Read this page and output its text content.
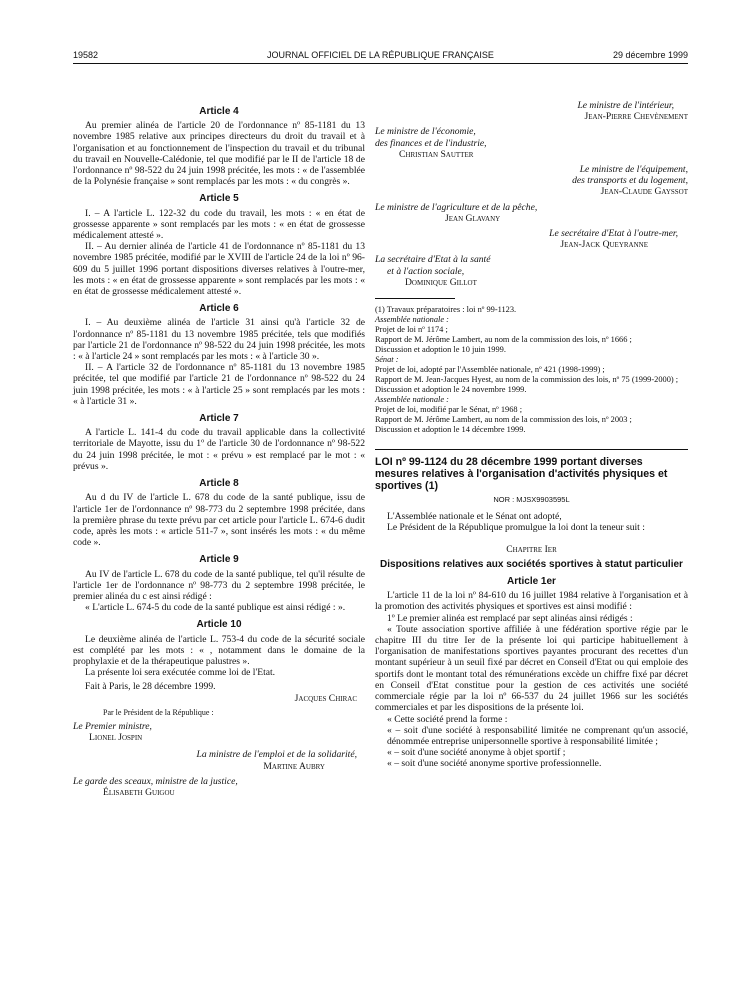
19582	JOURNAL OFFICIEL DE LA RÉPUBLIQUE FRANÇAISE	29 décembre 1999
Article 4

Au premier alinéa de l'article 20 de l'ordonnance nº 85-1181 du 13 novembre 1985 relative aux principes directeurs du droit du travail et à l'organisation et au fonctionnement de l'inspection du travail et du tribunal du travail en Nouvelle-Calédonie, tel que modifié par le II de l'article 18 de l'ordonnance nº 98-522 du 24 juin 1998 précitée, les mots : « de l'assemblée de la Polynésie française » sont remplacés par les mots : « du congrès ».

Article 5

I. – A l'article L. 122-32 du code du travail, les mots : « en état de grossesse apparente » sont remplacés par les mots : « en état de grossesse médicalement attesté ».

II. – Au dernier alinéa de l'article 41 de l'ordonnance nº 85-1181 du 13 novembre 1985 précitée, modifié par le XVIII de l'article 24 de la loi nº 96-609 du 5 juillet 1996 portant dispositions diverses relatives à l'outre-mer, les mots : « en état de grossesse apparente » sont remplacés par les mots : « en état de grossesse médicalement attesté ».

Article 6

I. – Au deuxième alinéa de l'article 31 ainsi qu'à l'article 32 de l'ordonnance nº 85-1181 du 13 novembre 1985 précitée, tels que modifiés par l'article 21 de l'ordonnance nº 98-522 du 24 juin 1998 précitée, les mots : « à l'article 24 » sont remplacés par les mots : « à l'article 30 ».

II. – A l'article 32 de l'ordonnance nº 85-1181 du 13 novembre 1985 précitée, tel que modifié par l'article 21 de l'ordonnance nº 98-522 du 24 juin 1998 précitée, les mots : « à l'article 25 » sont remplacés par les mots : « à l'article 31 ».

Article 7

A l'article L. 141-4 du code du travail applicable dans la collectivité territoriale de Mayotte, issu du 1º de l'article 30 de l'ordonnance nº 98-522 du 24 juin 1998 précitée, le mot : « prévu » est remplacé par le mot : « prévus ».

Article 8

Au d du IV de l'article L. 678 du code de la santé publique, issu de l'article 1er de l'ordonnance nº 98-773 du 2 septembre 1998 précitée, dans la première phrase du texte prévu par cet article pour l'article L. 674-6 dudit code, après les mots : « article 511-7 », sont insérés les mots : « du même code ».

Article 9

Au IV de l'article L. 678 du code de la santé publique, tel qu'il résulte de l'article 1er de l'ordonnance nº 98-773 du 2 septembre 1998 précitée, le premier alinéa du c est ainsi rédigé :

« L'article L. 674-5 du code de la santé publique est ainsi rédigé : ».

Article 10

Le deuxième alinéa de l'article L. 753-4 du code de la sécurité sociale est complété par les mots : « , notamment dans le domaine de la prophylaxie et de la thérapeutique palustres ».

La présente loi sera exécutée comme loi de l'Etat.

Fait à Paris, le 28 décembre 1999.

Jacques Chirac

Par le Président de la République :

Le Premier ministre,

Lionel Jospin

La ministre de l'emploi et de la solidarité,

Martine Aubry

Le garde des sceaux, ministre de la justice,

Élisabeth Guigou

Le ministre de l'intérieur,

Jean-Pierre Chevènement

Le ministre de l'économie,

des finances et de l'industrie,

Christian Sautter

Le ministre de l'équipement,

des transports et du logement,

Jean-Claude Gayssot

Le ministre de l'agriculture et de la pêche,

Jean Glavany

Le secrétaire d'Etat à l'outre-mer,

Jean-Jack Queyranne

La secrétaire d'Etat à la santé

et à l'action sociale,

Dominique Gillot

(1) Travaux préparatoires : loi nº 99-1123.

Assemblée nationale :

Projet de loi nº 1174 ;

Rapport de M. Jérôme Lambert, au nom de la commission des lois, nº 1666 ;

Discussion et adoption le 10 juin 1999.

Sénat :

Projet de loi, adopté par l'Assemblée nationale, nº 421 (1998-1999) ;

Rapport de M. Jean-Jacques Hyest, au nom de la commission des lois, nº 75 (1999-2000) ;

Discussion et adoption le 24 novembre 1999.

Assemblée nationale :

Projet de loi, modifié par le Sénat, nº 1968 ;

Rapport de M. Jérôme Lambert, au nom de la commission des lois, nº 2003 ;

Discussion et adoption le 14 décembre 1999.

LOI nº 99-1124 du 28 décembre 1999 portant diverses mesures relatives à l'organisation d'activités physiques et sportives (1)
NOR : MJSX9903595L

L'Assemblée nationale et le Sénat ont adopté,

Le Président de la République promulgue la loi dont la teneur suit :

Chapitre Ier

Dispositions relatives aux sociétés sportives à statut particulier

Article 1er

L'article 11 de la loi nº 84-610 du 16 juillet 1984 relative à l'organisation et à la promotion des activités physiques et sportives est ainsi modifié :

1º Le premier alinéa est remplacé par sept alinéas ainsi rédigés :

« Toute association sportive affiliée à une fédération sportive régie par le chapitre III du titre Ier de la présente loi qui participe habituellement à l'organisation de manifestations sportives payantes procurant des recettes d'un montant supérieur à un seuil fixé par décret en Conseil d'Etat ou qui emploie des sportifs dont le montant total des rémunérations excède un chiffre fixé par décret en Conseil d'Etat constitue pour la gestion de ces activités une société commerciale régie par la loi nº 66-537 du 24 juillet 1966 sur les sociétés commerciales et par les dispositions de la présente loi.

« Cette société prend la forme :

« – soit d'une société à responsabilité limitée ne comprenant qu'un associé, dénommée entreprise unipersonnelle sportive à responsabilité limitée ;

« – soit d'une société anonyme à objet sportif ;

« – soit d'une société anonyme sportive professionnelle.
